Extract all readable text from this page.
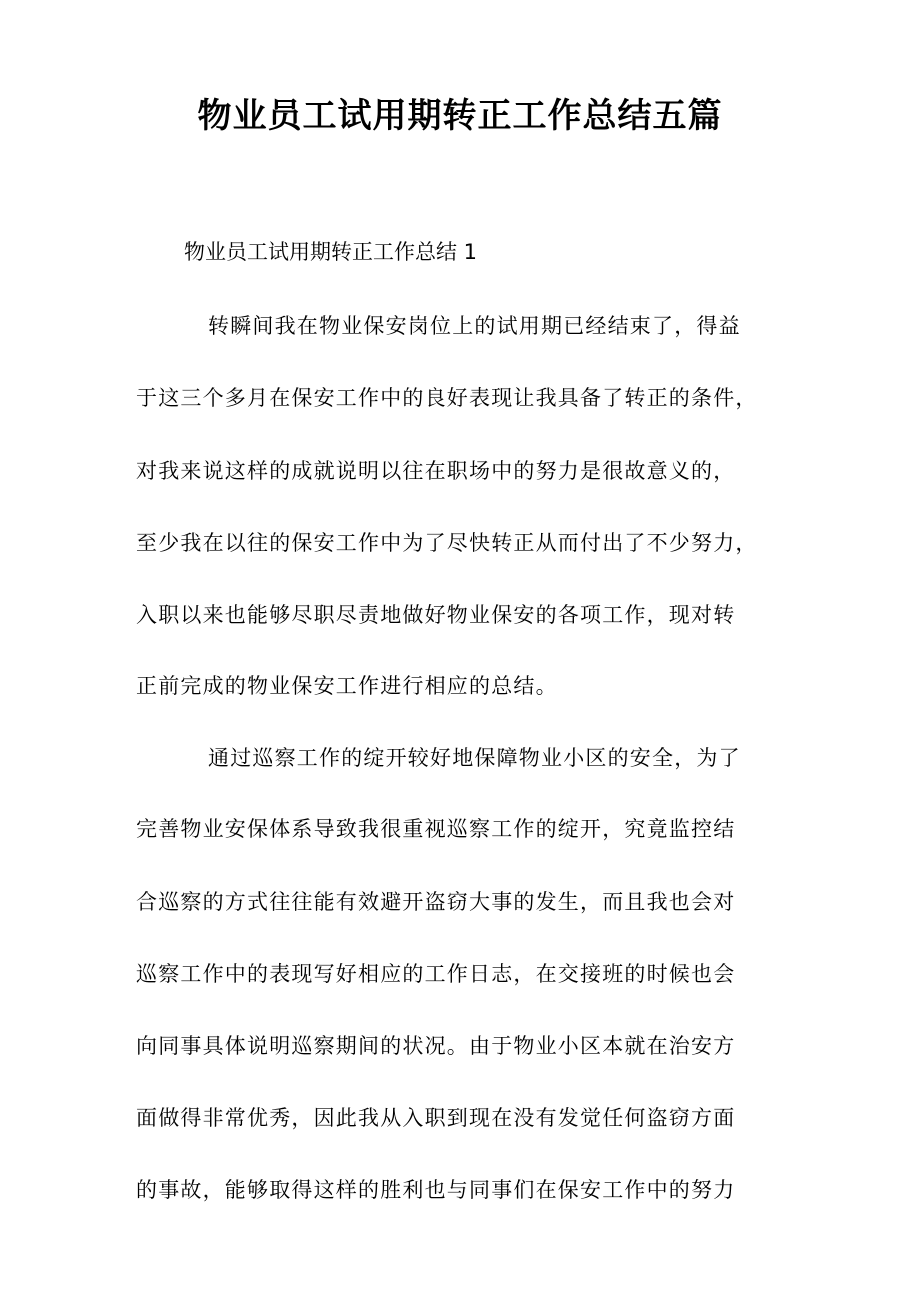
物业员工试用期转正工作总结五篇
物业员工试用期转正工作总结 1
转瞬间我在物业保安岗位上的试用期已经结束了，得益
于这三个多月在保安工作中的良好表现让我具备了转正的条件，
对我来说这样的成就说明以往在职场中的努力是很故意义的，
至少我在以往的保安工作中为了尽快转正从而付出了不少努力，
入职以来也能够尽职尽责地做好物业保安的各项工作，现对转
正前完成的物业保安工作进行相应的总结。
通过巡察工作的绽开较好地保障物业小区的安全，为了
完善物业安保体系导致我很重视巡察工作的绽开，究竟监控结
合巡察的方式往往能有效避开盗窃大事的发生，而且我也会对
巡察工作中的表现写好相应的工作日志，在交接班的时候也会
向同事具体说明巡察期间的状况。由于物业小区本就在治安方
面做得非常优秀，因此我从入职到现在没有发觉任何盗窃方面
的事故，能够取得这样的胜利也与同事们在保安工作中的努力
